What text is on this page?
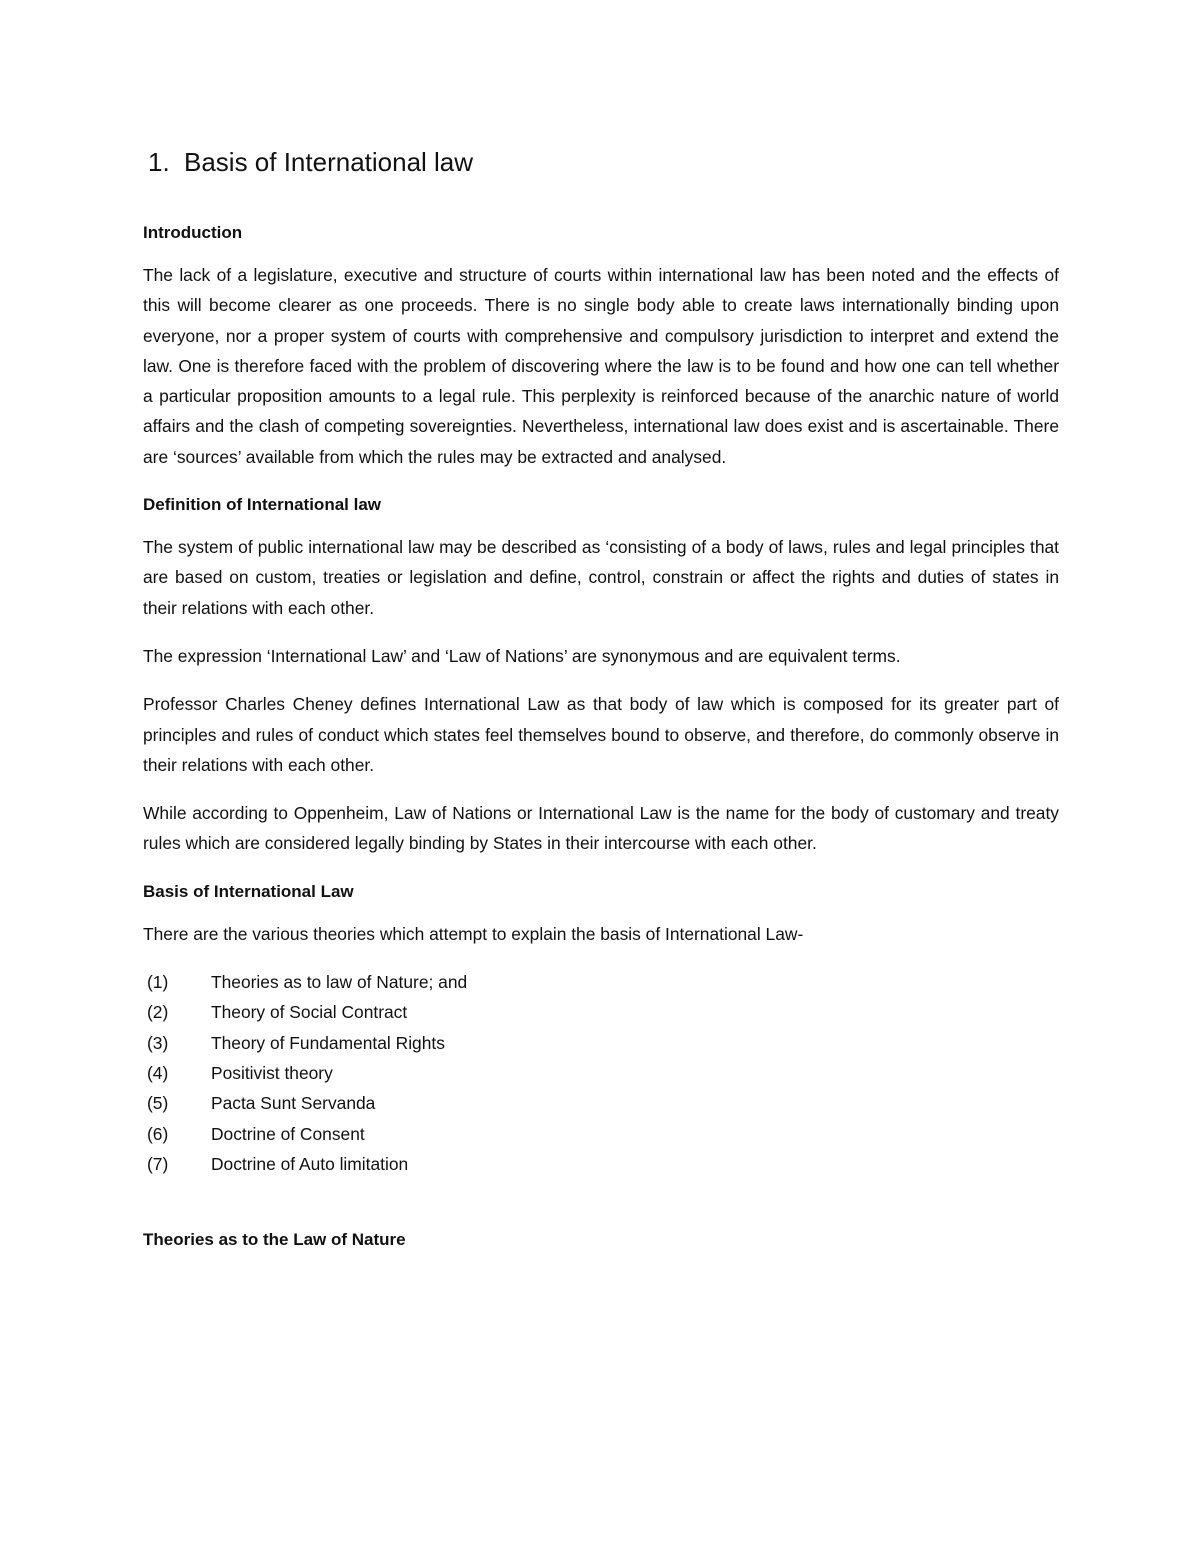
1. Basis of International law
Introduction

The lack of a legislature, executive and structure of courts within international law has been noted and the effects of this will become clearer as one proceeds. There is no single body able to create laws internationally binding upon everyone, nor a proper system of courts with comprehensive and compulsory jurisdiction to interpret and extend the law. One is therefore faced with the problem of discovering where the law is to be found and how one can tell whether a particular proposition amounts to a legal rule. This perplexity is reinforced because of the anarchic nature of world affairs and the clash of competing sovereignties. Nevertheless, international law does exist and is ascertainable. There are ‘sources’ available from which the rules may be extracted and analysed.

Definition of International law

The system of public international law may be described as ‘consisting of a body of laws, rules and legal principles that are based on custom, treaties or legislation and define, control, constrain or affect the rights and duties of states in their relations with each other.

The expression ‘International Law’ and ‘Law of Nations’ are synonymous and are equivalent terms.

Professor Charles Cheney defines International Law as that body of law which is composed for its greater part of principles and rules of conduct which states feel themselves bound to observe, and therefore, do commonly observe in their relations with each other.

While according to Oppenheim, Law of Nations or International Law is the name for the body of customary and treaty rules which are considered legally binding by States in their intercourse with each other.

Basis of International Law

There are the various theories which attempt to explain the basis of International Law-

(1)	Theories as to law of Nature; and
(2)	Theory of Social Contract
(3)	Theory of Fundamental Rights
(4)	Positivist theory
(5)	Pacta Sunt Servanda
(6)	Doctrine of Consent
(7)	Doctrine of Auto limitation
Theories as to the Law of Nature
